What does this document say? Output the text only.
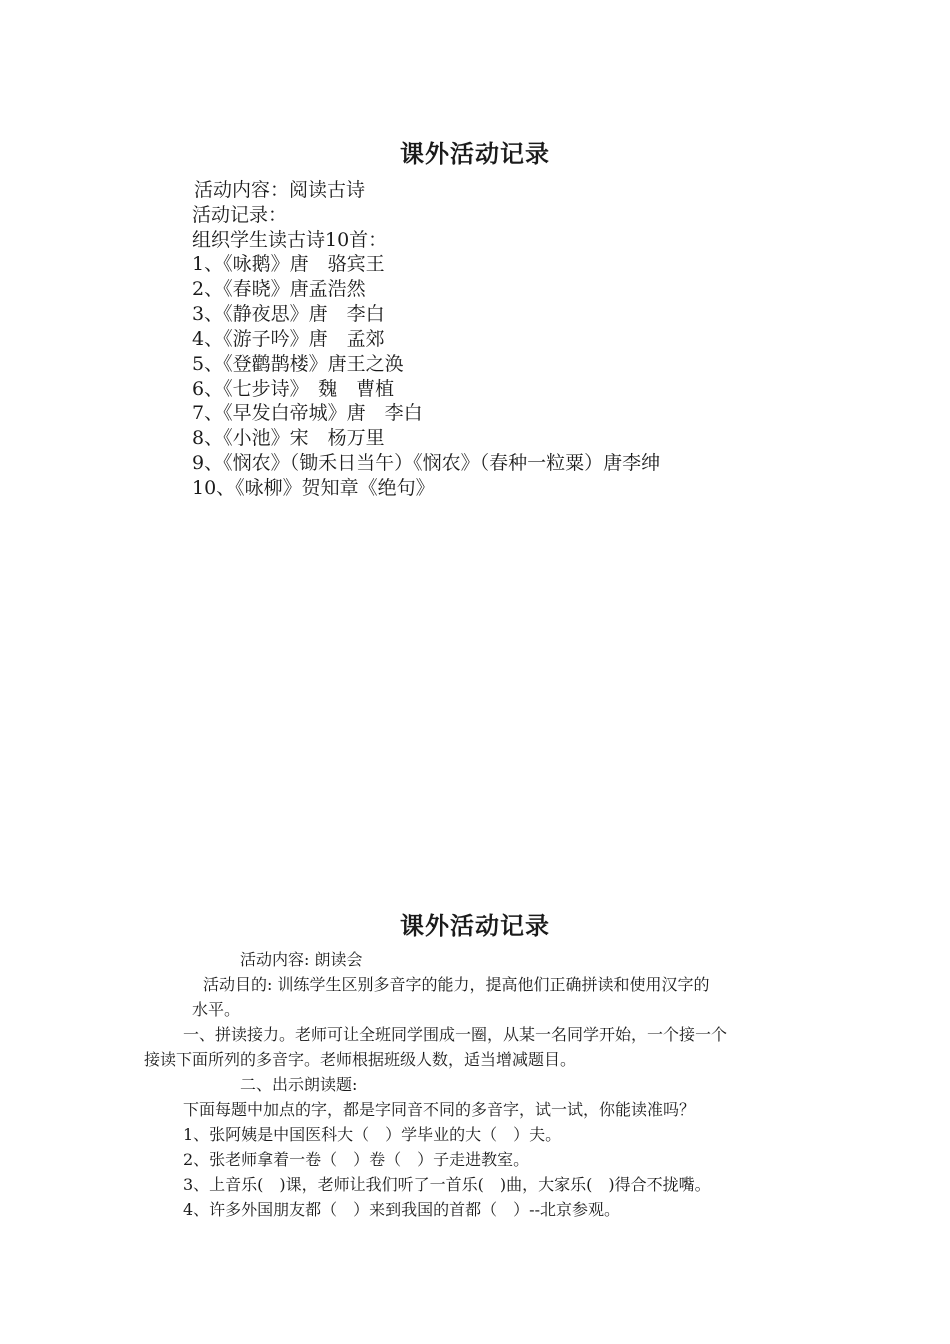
课外活动记录
活动内容：阅读古诗
活动记录：
组织学生读古诗10首：
1、《咏鹅》唐　骆宾王
2、《春晓》唐孟浩然
3、《静夜思》唐　李白
4、《游子吟》唐　孟郊
5、《登鹳鹊楼》唐王之涣
6、《七步诗》　魏　曹植
7、《早发白帝城》唐　李白
8、《小池》宋　杨万里
9、《悯农》（锄禾日当午）《悯农》（春种一粒粟）唐李绅
10、《咏柳》贺知章《绝句》
课外活动记录
活动内容: 朗读会
活动目的: 训练学生区别多音字的能力，提高他们正确拼读和使用汉字的
水平。
一、拼读接力。老师可让全班同学围成一圈，从某一名同学开始，一个接一个
接读下面所列的多音字。老师根据班级人数，适当增减题目。
二、出示朗读题:
下面每题中加点的字，都是字同音不同的多音字，试一试，你能读准吗？
1、张阿姨是中国医科大（　）学毕业的大（　）夫。
2、张老师拿着一卷（　）卷（　）子走进教室。
3、上音乐(　)课，老师让我们听了一首乐(　)曲，大家乐(　)得合不拢嘴。
4、许多外国朋友都（　）来到我国的首都（　）--北京参观。
